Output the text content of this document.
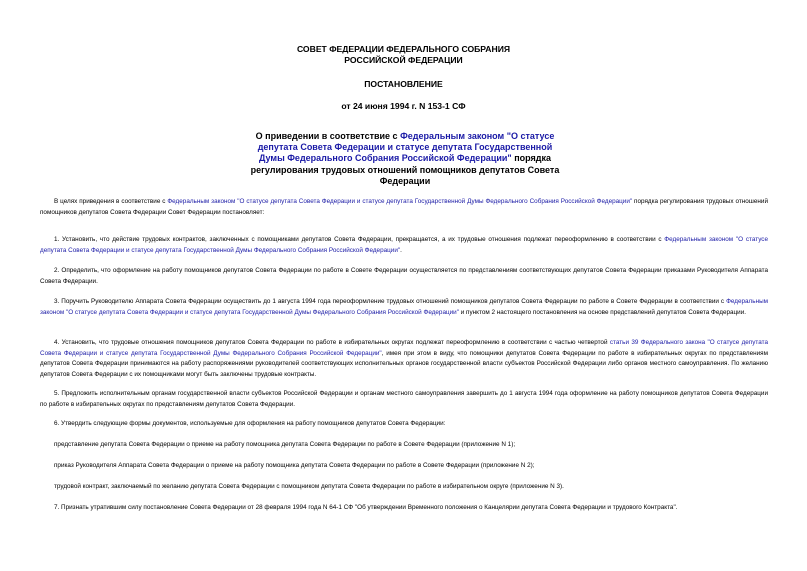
СОВЕТ ФЕДЕРАЦИИ ФЕДЕРАЛЬНОГО СОБРАНИЯ
РОССИЙСКОЙ ФЕДЕРАЦИИ
ПОСТАНОВЛЕНИЕ
от 24 июня 1994 г. N 153-1 СФ
О приведении в соответствие с Федеральным законом "О статусе депутата Совета Федерации и статусе депутата Государственной Думы Федерального Собрания Российской Федерации" порядка регулирования трудовых отношений помощников депутатов Совета Федерации
В целях приведения в соответствие с Федеральным законом "О статусе депутата Совета Федерации и статусе депутата Государственной Думы Федерального Собрания Российской Федерации" порядка регулирования трудовых отношений помощников депутатов Совета Федерации Совет Федерации постановляет:
1. Установить, что действие трудовых контрактов, заключенных с помощниками депутатов Совета Федерации, прекращается, а их трудовые отношения подлежат переоформлению в соответствии с Федеральным законом "О статусе депутата Совета Федерации и статусе депутата Государственной Думы Федерального Собрания Российской Федерации".
2. Определить, что оформление на работу помощников депутатов Совета Федерации по работе в Совете Федерации осуществляется по представлениям соответствующих депутатов Совета Федерации приказами Руководителя Аппарата Совета Федерации.
3. Поручить Руководителю Аппарата Совета Федерации осуществить до 1 августа 1994 года переоформление трудовых отношений помощников депутатов Совета Федерации по работе в Совете Федерации в соответствии с Федеральным законом "О статусе депутата Совета Федерации и статусе депутата Государственной Думы Федерального Собрания Российской Федерации" и пунктом 2 настоящего постановления на основе представлений депутатов Совета Федерации.
4. Установить, что трудовые отношения помощников депутатов Совета Федерации по работе в избирательных округах подлежат переоформлению в соответствии с частью четвертой статьи 39 Федерального закона "О статусе депутата Совета Федерации и статусе депутата Государственной Думы Федерального Собрания Российской Федерации", имея при этом в виду, что помощники депутатов Совета Федерации по работе в избирательных округах по представлениям депутатов Совета Федерации принимаются на работу распоряжениями руководителей соответствующих исполнительных органов государственной власти субъектов Российской Федерации либо органов местного самоуправления. По желанию депутатов Совета Федерации с их помощниками могут быть заключены трудовые контракты.
5. Предложить исполнительным органам государственной власти субъектов Российской Федерации и органам местного самоуправления завершить до 1 августа 1994 года оформление на работу помощников депутатов Совета Федерации по работе в избирательных округах по представлениям депутатов Совета Федерации.
6. Утвердить следующие формы документов, используемые для оформления на работу помощников депутатов Совета Федерации:
представление депутата Совета Федерации о приеме на работу помощника депутата Совета Федерации по работе в Совете Федерации (приложение N 1);
приказ Руководителя Аппарата Совета Федерации о приеме на работу помощника депутата Совета Федерации по работе в Совете Федерации (приложение N 2);
трудовой контракт, заключаемый по желанию депутата Совета Федерации с помощником депутата Совета Федерации по работе в избирательном округе (приложение N 3).
7. Признать утратившим силу постановление Совета Федерации от 28 февраля 1994 года N 64-1 СФ "Об утверждении Временного положения о Канцелярии депутата Совета Федерации и трудового Контракта".
